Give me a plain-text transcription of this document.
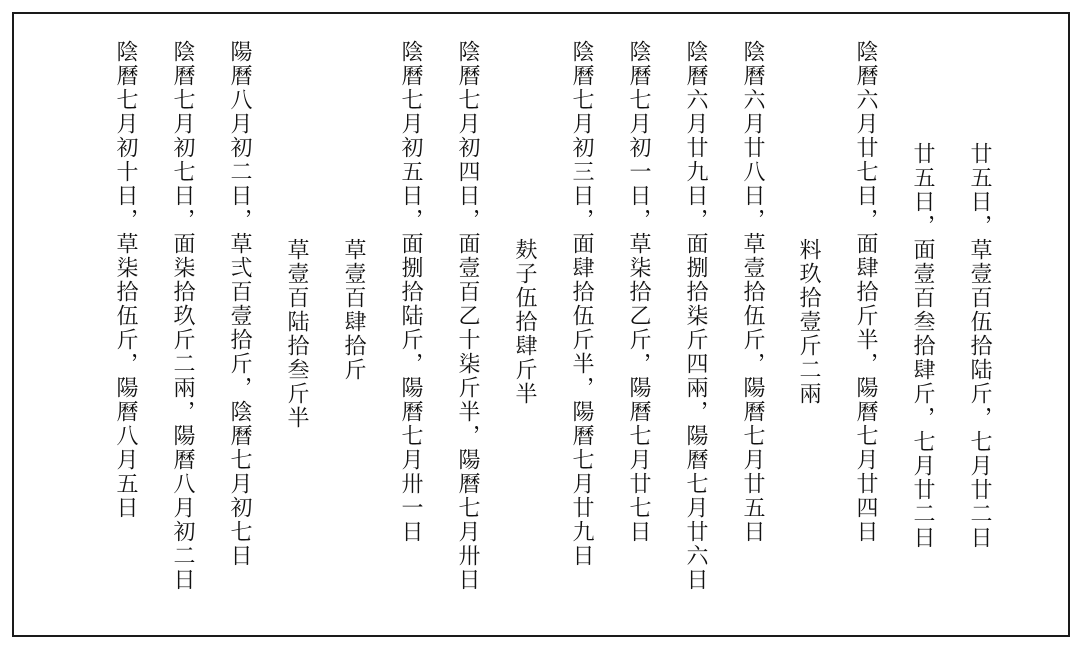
廿五日，草壹百伍拾陆斤，七月廿二日
廿五日，面壹百叁拾肆斤，七月廿二日
陰曆六月廿七日，面肆拾斤半，陽曆七月廿四日
料玖拾壹斤二兩
陰曆六月廿八日，草壹拾伍斤，陽曆七月廿五日
陰曆六月廿九日，面捌拾柒斤四兩，陽曆七月廿六日
陰曆七月初一日，草柒拾乙斤，陽曆七月廿七日
陰曆七月初三日，面肆拾伍斤半，陽曆七月廿九日
麸子伍拾肆斤半
陰曆七月初四日，面壹百乙十柒斤半，陽曆七月卅日
陰曆七月初五日，面捌拾陆斤，陽曆七月卅一日
草壹百肆拾斤
草壹百陆拾叁斤半
陽曆八月初二日，草弍百壹拾斤，陰曆七月初七日
陰曆七月初七日，面柒拾玖斤二兩，陽曆八月初二日
陰曆七月初十日，草柒拾伍斤，陽曆八月五日
